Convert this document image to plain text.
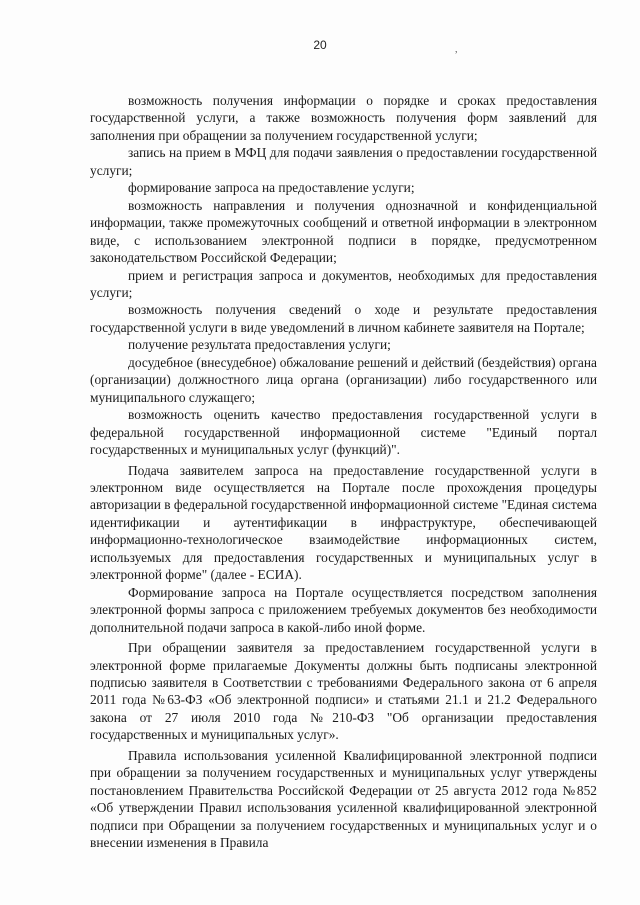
20	,

возможность получения информации о порядке и сроках предоставления государственной услуги, а также возможность получения форм заявлений для заполнения при обращении за получением государственной услуги;

запись на прием в МФЦ для подачи заявления о предоставлении государственной услуги;

формирование запроса на предоставление услуги;

возможность направления и получения однозначной и конфиденциальной информации, также промежуточных сообщений и ответной информации в электронном виде, с использованием электронной подписи в порядке, предусмотренном законодательством Российской Федерации;

прием и регистрация запроса и документов, необходимых для предоставления услуги;

возможность получения сведений о ходе и результате предоставления государственной услуги в виде уведомлений в личном кабинете заявителя на Портале;

получение результата предоставления услуги;

досудебное (внесудебное) обжалование решений и действий (бездействия) органа (организации) должностного лица органа (организации) либо государственного или муниципального служащего;

возможность оценить качество предоставления государственной услуги в федеральной государственной информационной системе "Единый портал государственных и муниципальных услуг (функций)".

Подача заявителем запроса на предоставление государственной услуги в электронном виде осуществляется на Портале после прохождения процедуры авторизации в федеральной государственной информационной системе "Единая система идентификации и аутентификации в инфраструктуре, обеспечивающей информационно-технологическое взаимодействие информационных систем, используемых для предоставления государственных и муниципальных услуг в электронной форме" (далее - ЕСИА).

Формирование запроса на Портале осуществляется посредством заполнения электронной формы запроса с приложением требуемых документов без необходимости дополнительной подачи запроса в какой-либо иной форме.

При обращении заявителя за предоставлением государственной услуги в электронной форме прилагаемые Документы должны быть подписаны электронной подписью заявителя в Соответствии с требованиями Федерального закона от 6 апреля 2011 года №63-ФЗ «Об электронной подписи» и статьями 21.1 и 21.2 Федерального закона от 27 июля 2010 года №210-ФЗ "Об организации предоставления государственных и муниципальных услуг».

Правила использования усиленной Квалифицированной электронной подписи при обращении за получением государственных и муниципальных услуг утверждены постановлением Правительства Российской Федерации от 25 августа 2012 года №852 «Об утверждении Правил использования усиленной квалифицированной электронной подписи при Обращении за получением государственных и муниципальных услуг и о внесении изменения в Правила
